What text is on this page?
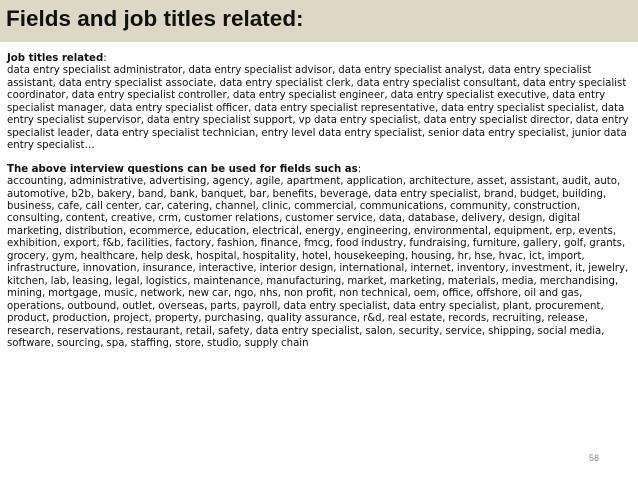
Fields and job titles related:

Job titles related:

data entry specialist administrator, data entry specialist advisor, data entry specialist analyst, data entry specialist assistant, data entry specialist associate, data entry specialist clerk, data entry specialist consultant, data entry specialist coordinator, data entry specialist controller, data entry specialist engineer, data entry specialist executive, data entry specialist manager, data entry specialist officer, data entry specialist representative, data entry specialist specialist, data entry specialist supervisor, data entry specialist support, vp data entry specialist, data entry specialist director, data entry specialist leader, data entry specialist technician, entry level data entry specialist, senior data entry specialist, junior data entry specialist…

The above interview questions can be used for fields such as:

accounting, administrative, advertising, agency, agile, apartment, application, architecture, asset, assistant, audit, auto, automotive, b2b, bakery, band, bank, banquet, bar, benefits, beverage, data entry specialist, brand, budget, building, business, cafe, call center, car, catering, channel, clinic, commercial, communications, community, construction, consulting, content, creative, crm, customer relations, customer service, data, database, delivery, design, digital marketing, distribution, ecommerce, education, electrical, energy, engineering, environmental, equipment, erp, events, exhibition, export, f&b, facilities, factory, fashion, finance, fmcg, food industry, fundraising, furniture, gallery, golf, grants, grocery, gym, healthcare, help desk, hospital, hospitality, hotel, housekeeping, housing, hr, hse, hvac, ict, import, infrastructure, innovation, insurance, interactive, interior design, international, internet, inventory, investment, it, jewelry, kitchen, lab, leasing, legal, logistics, maintenance, manufacturing, market, marketing, materials, media, merchandising, mining, mortgage, music, network, new car, ngo, nhs, non profit, non technical, oem, office, offshore, oil and gas, operations, outbound, outlet, overseas, parts, payroll, data entry specialist, data entry specialist, plant, procurement, product, production, project, property, purchasing, quality assurance, r&d, real estate, records, recruiting, release, research, reservations, restaurant, retail, safety, data entry specialist, salon, security, service, shipping, social media, software, sourcing, spa, staffing, store, studio, supply chain

58
